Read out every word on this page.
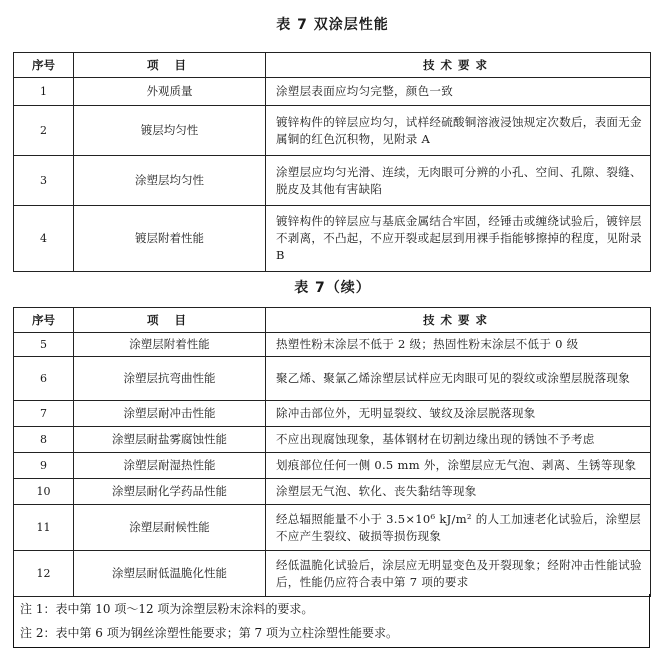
表 7 双涂层性能
序号	项 目	技术要求
1	外观质量	涂塑层表面应均匀完整，颜色一致
2	镀层均匀性	镀锌构件的锌层应均匀，试样经硫酸铜溶液浸蚀规定次数后，表面无金属铜的红色沉积物，见附录 A
3	涂塑层均匀性	涂塑层应均匀光滑、连续，无肉眼可分辨的小孔、空间、孔隙、裂缝、脱皮及其他有害缺陷
4	镀层附着性能	镀锌构件的锌层应与基底金属结合牢固，经锤击或缠绕试验后，镀锌层不剥离，不凸起，不应开裂或起层到用裸手指能够擦掉的程度，见附录 B
表 7（续）
序号	项 目	技术要求
5	涂塑层附着性能	热塑性粉末涂层不低于 2 级；热固性粉末涂层不低于 0 级
6	涂塑层抗弯曲性能	聚乙烯、聚氯乙烯涂塑层试样应无肉眼可见的裂纹或涂塑层脱落现象
7	涂塑层耐冲击性能	除冲击部位外，无明显裂纹、皱纹及涂层脱落现象
8	涂塑层耐盐雾腐蚀性能	不应出现腐蚀现象，基体钢材在切割边缘出现的锈蚀不予考虑
9	涂塑层耐湿热性能	划痕部位任何一侧 0.5 mm 外，涂塑层应无气泡、剥离、生锈等现象
10	涂塑层耐化学药品性能	涂塑层无气泡、软化、丧失黏结等现象
11	涂塑层耐候性能	经总辐照能量不小于 3.5×10⁶ kJ/m² 的人工加速老化试验后，涂塑层不应产生裂纹、破损等损伤现象
12	涂塑层耐低温脆化性能	经低温脆化试验后，涂层应无明显变色及开裂现象；经附冲击性能试验后，性能仍应符合表中第 7 项的要求
注 1：表中第 10 项～12 项为涂塑层粉末涂料的要求。
注 2：表中第 6 项为钢丝涂塑性能要求；第 7 项为立柱涂塑性能要求。
